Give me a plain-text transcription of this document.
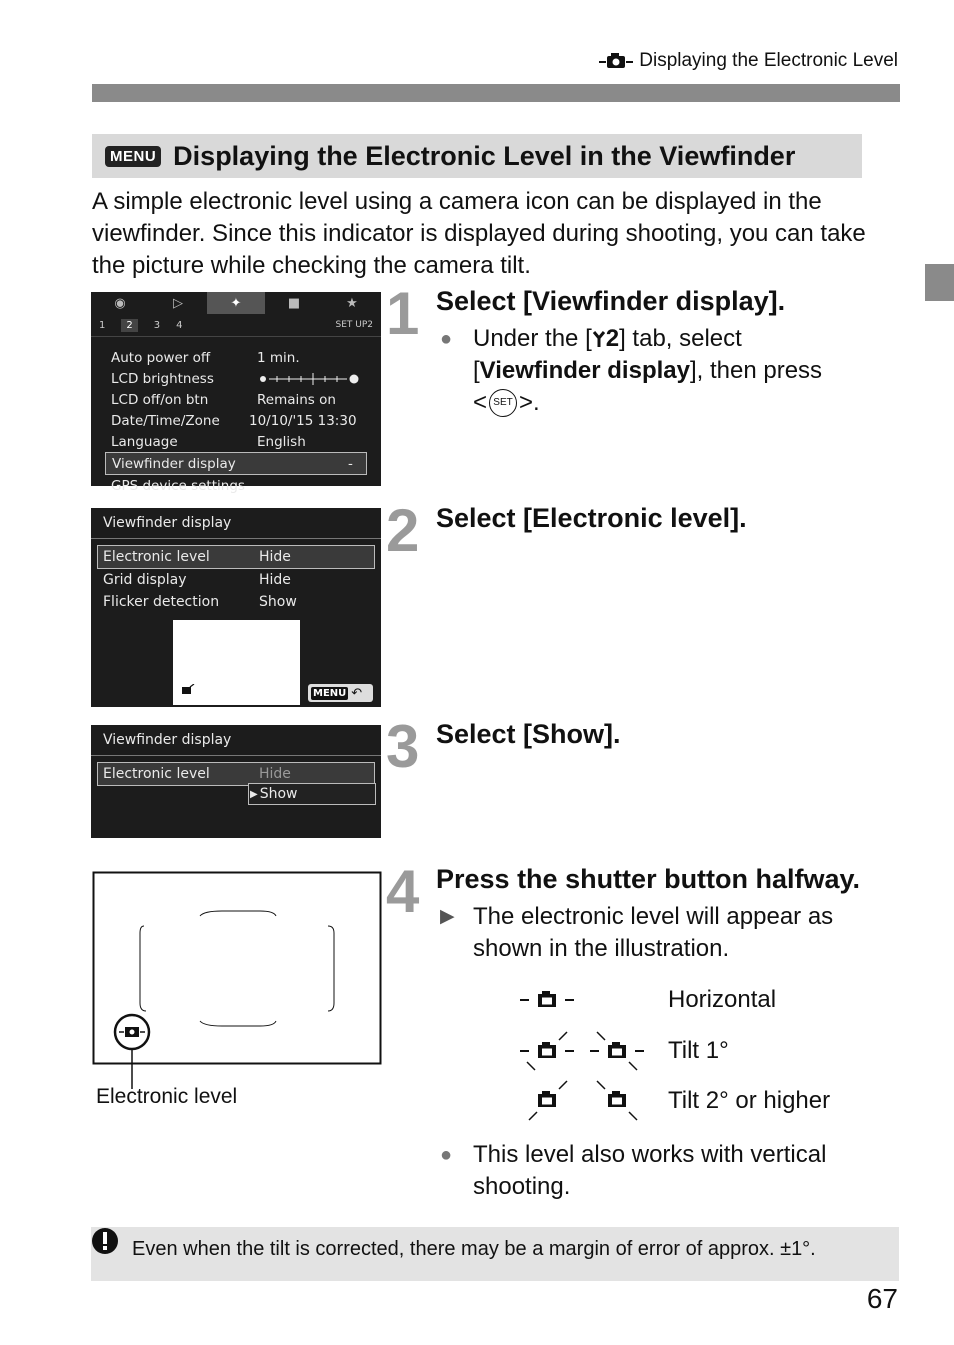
Displaying the Electronic Level
MENU Displaying the Electronic Level in the Viewfinder
A simple electronic level using a camera icon can be displayed in the viewfinder. Since this indicator is displayed during shooting, you can take the picture while checking the camera tilt.
◉	▷	✦	■	★
1	2	3 4	SET UP2
Auto power off	1 min.
LCD brightness
LCD off/on btn	Remains on
Date/Time/Zone	10/10/'15 13:30
Language	English
Viewfinder display	-
GPS device settings
Viewfinder display
Electronic level	Hide
Grid display	Hide
Flicker detection	Show
MENU ↶
Viewfinder display
Electronic level	Hide
▶ Show
Electronic level
1
2
3
4
Select [Viewfinder display].
Select [Electronic level].
Select [Show].
Press the shutter button halfway.
● Under the [ 2] tab, select
[Viewfinder display], then press
< SET >.
▶ The electronic level will appear as shown in the illustration.
Horizontal
Tilt 1°
Tilt 2° or higher
● This level also works with vertical shooting.
Even when the tilt is corrected, there may be a margin of error of approx. ±1°.
67
